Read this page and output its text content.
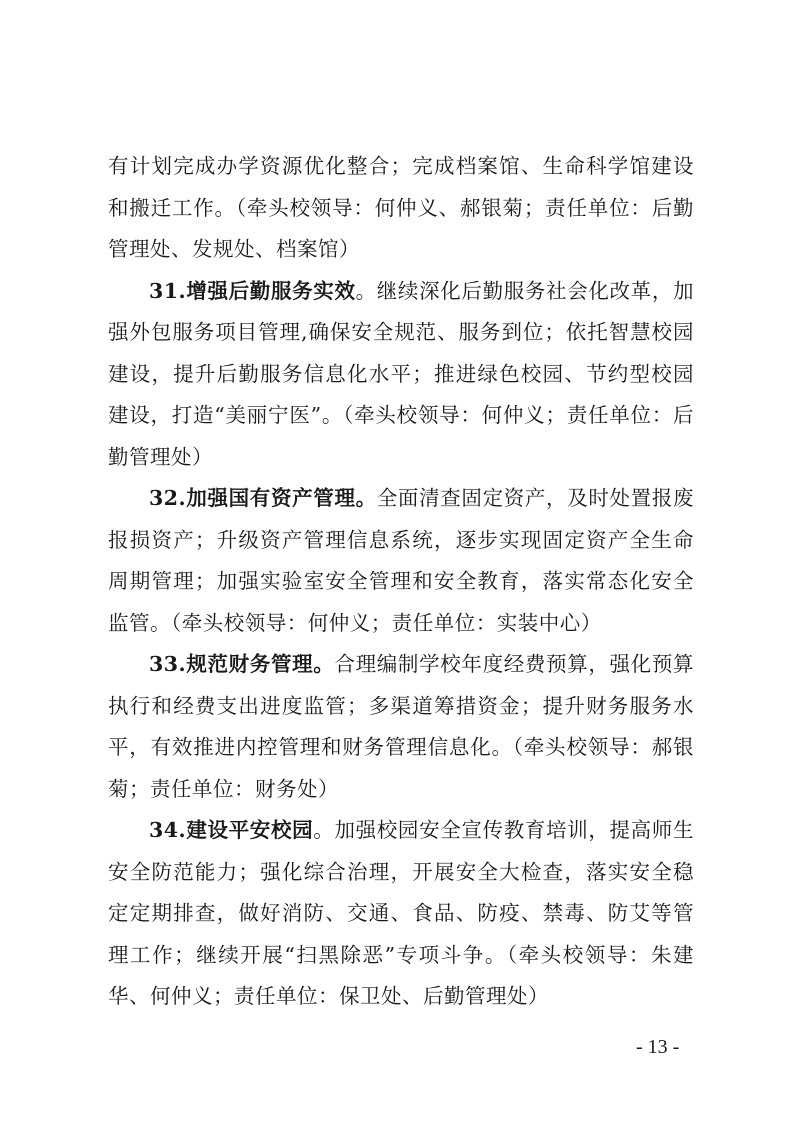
有计划完成办学资源优化整合；完成档案馆、生命科学馆建设和搬迁工作。（牵头校领导：何仲义、郝银菊；责任单位：后勤管理处、发规处、档案馆）

31.增强后勤服务实效。继续深化后勤服务社会化改革，加强外包服务项目管理,确保安全规范、服务到位；依托智慧校园建设，提升后勤服务信息化水平；推进绿色校园、节约型校园建设，打造“美丽宁医”。（牵头校领导：何仲义；责任单位：后勤管理处）

32.加强国有资产管理。全面清查固定资产，及时处置报废报损资产；升级资产管理信息系统，逐步实现固定资产全生命周期管理；加强实验室安全管理和安全教育，落实常态化安全监管。（牵头校领导：何仲义；责任单位：实装中心）

33.规范财务管理。合理编制学校年度经费预算，强化预算执行和经费支出进度监管；多渠道筹措资金；提升财务服务水平，有效推进内控管理和财务管理信息化。（牵头校领导：郝银菊；责任单位：财务处）

34.建设平安校园。加强校园安全宣传教育培训，提高师生安全防范能力；强化综合治理，开展安全大检查，落实安全稳定定期排查，做好消防、交通、食品、防疫、禁毒、防艾等管理工作；继续开展“扫黑除恶”专项斗争。（牵头校领导：朱建华、何仲义；责任单位：保卫处、后勤管理处）

- 13 -
